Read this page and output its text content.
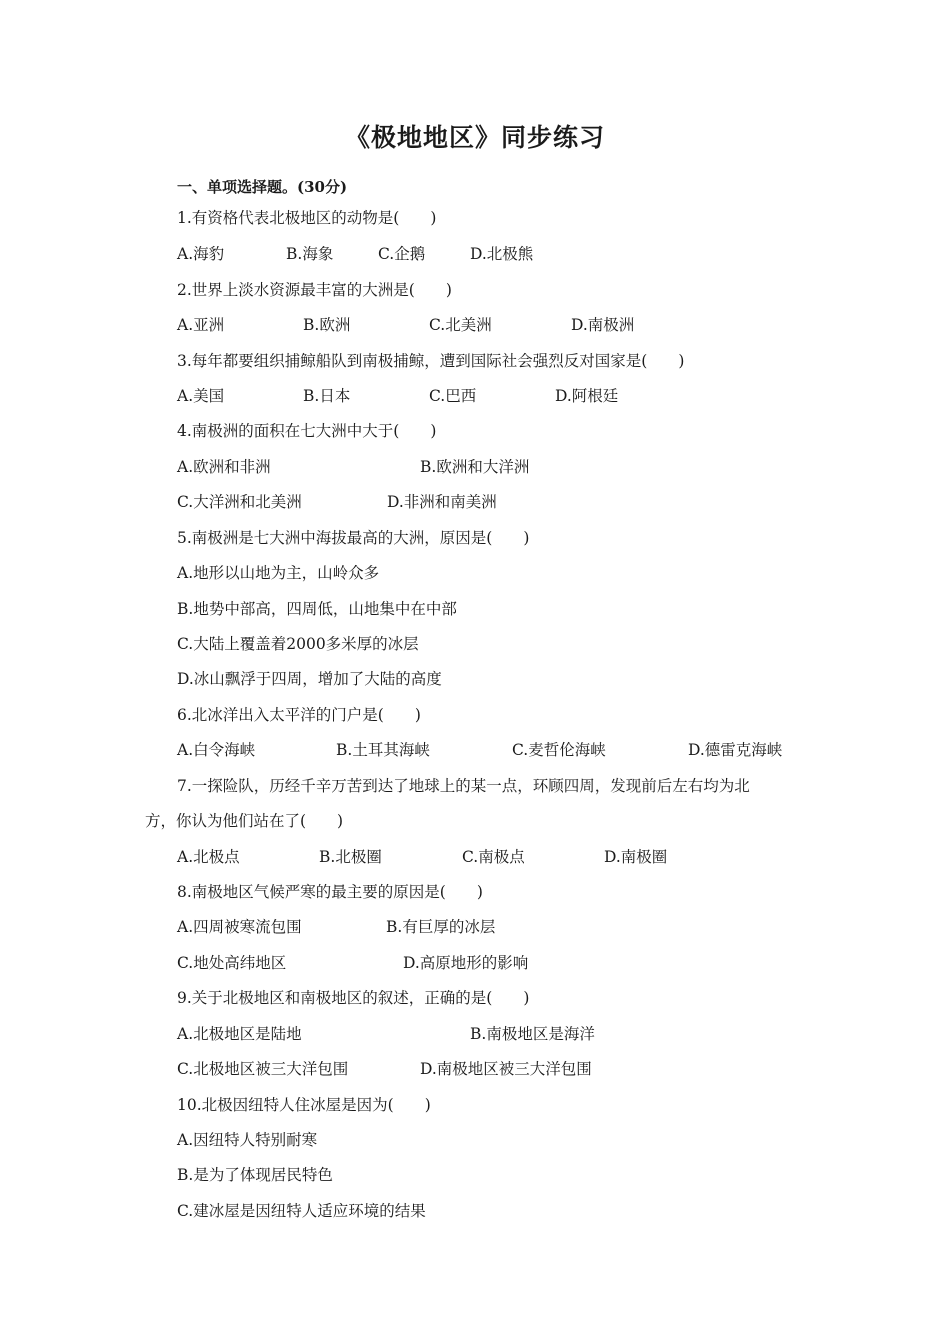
《极地地区》同步练习
一、单项选择题。(30分)
1.有资格代表北极地区的动物是(　　)
A.海豹	B.海象	C.企鹅	D.北极熊
2.世界上淡水资源最丰富的大洲是(　　)
A.亚洲	B.欧洲	C.北美洲	D.南极洲
3.每年都要组织捕鲸船队到南极捕鲸，遭到国际社会强烈反对国家是(　　)
A.美国	B.日本	C.巴西	D.阿根廷
4.南极洲的面积在七大洲中大于(　　)
A.欧洲和非洲	B.欧洲和大洋洲
C.大洋洲和北美洲	D.非洲和南美洲
5.南极洲是七大洲中海拔最高的大洲，原因是(　　)
A.地形以山地为主，山岭众多
B.地势中部高，四周低，山地集中在中部
C.大陆上覆盖着2000多米厚的冰层
D.冰山飘浮于四周，增加了大陆的高度
6.北冰洋出入太平洋的门户是(　　)
A.白令海峡	B.土耳其海峡	C.麦哲伦海峡	D.德雷克海峡
7.一探险队，历经千辛万苦到达了地球上的某一点，环顾四周，发现前后左右均为北
方，你认为他们站在了(　　)
A.北极点	B.北极圈	C.南极点	D.南极圈
8.南极地区气候严寒的最主要的原因是(　　)
A.四周被寒流包围	B.有巨厚的冰层
C.地处高纬地区	D.高原地形的影响
9.关于北极地区和南极地区的叙述，正确的是(　　)
A.北极地区是陆地	B.南极地区是海洋
C.北极地区被三大洋包围	D.南极地区被三大洋包围
10.北极因纽特人住冰屋是因为(　　)
A.因纽特人特别耐寒
B.是为了体现居民特色
C.建冰屋是因纽特人适应环境的结果
